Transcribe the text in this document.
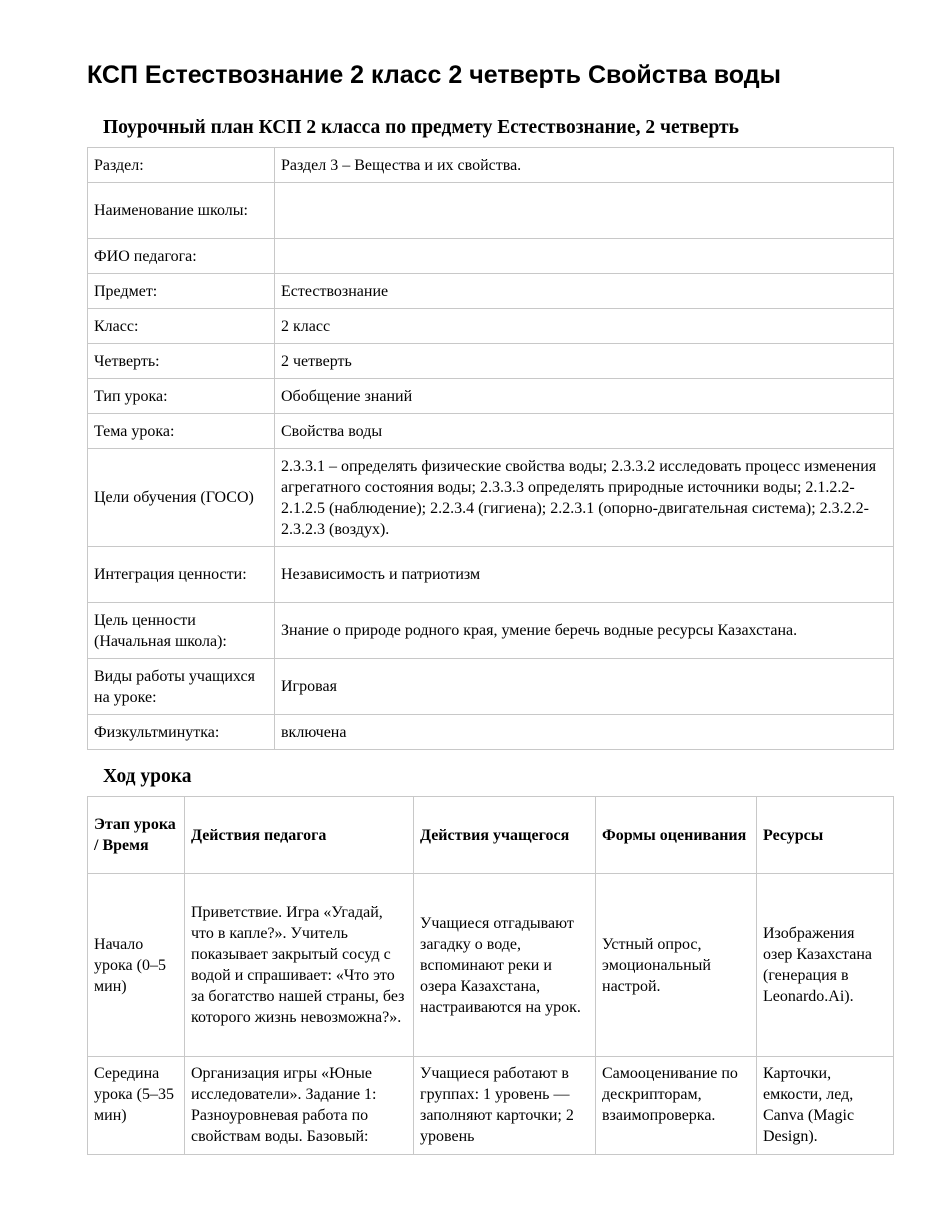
КСП Естествознание 2 класс 2 четверть Свойства воды
Поурочный план КСП 2 класса по предмету Естествознание, 2 четверть
Раздел:	Раздел 3 – Вещества и их свойства.
Наименование школы:	
ФИО педагога:	
Предмет:	Естествознание
Класс:	2 класс
Четверть:	2 четверть
Тип урока:	Обобщение знаний
Тема урока:	Свойства воды
Цели обучения (ГОСО)	2.3.3.1 – определять физические свойства воды; 2.3.3.2 исследовать процесс изменения агрегатного состояния воды; 2.3.3.3 определять природные источники воды; 2.1.2.2-2.1.2.5 (наблюдение); 2.2.3.4 (гигиена); 2.2.3.1 (опорно-двигательная система); 2.3.2.2-2.3.2.3 (воздух).
Интеграция ценности:	Независимость и патриотизм
Цель ценности (Начальная школа):	Знание о природе родного края, умение беречь водные ресурсы Казахстана.
Виды работы учащихся на уроке:	Игровая
Физкультминутка:	включена
Ход урока
Этап урока / Время	Действия педагога	Действия учащегося	Формы оценивания	Ресурсы
Начало урока (0–5 мин)	Приветствие. Игра «Угадай, что в капле?». Учитель показывает закрытый сосуд с водой и спрашивает: «Что это за богатство нашей страны, без которого жизнь невозможна?».	Учащиеся отгадывают загадку о воде, вспоминают реки и озера Казахстана, настраиваются на урок.	Устный опрос, эмоциональный настрой.	Изображения озер Казахстана (генерация в Leonardo.Ai).
Середина урока (5–35 мин)	Организация игры «Юные исследователи». Задание 1: Разноуровневая работа по свойствам воды. Базовый:	Учащиеся работают в группах: 1 уровень — заполняют карточки; 2 уровень	Самооценивание по дескрипторам, взаимопроверка.	Карточки, емкости, лед, Canva (Magic Design).
